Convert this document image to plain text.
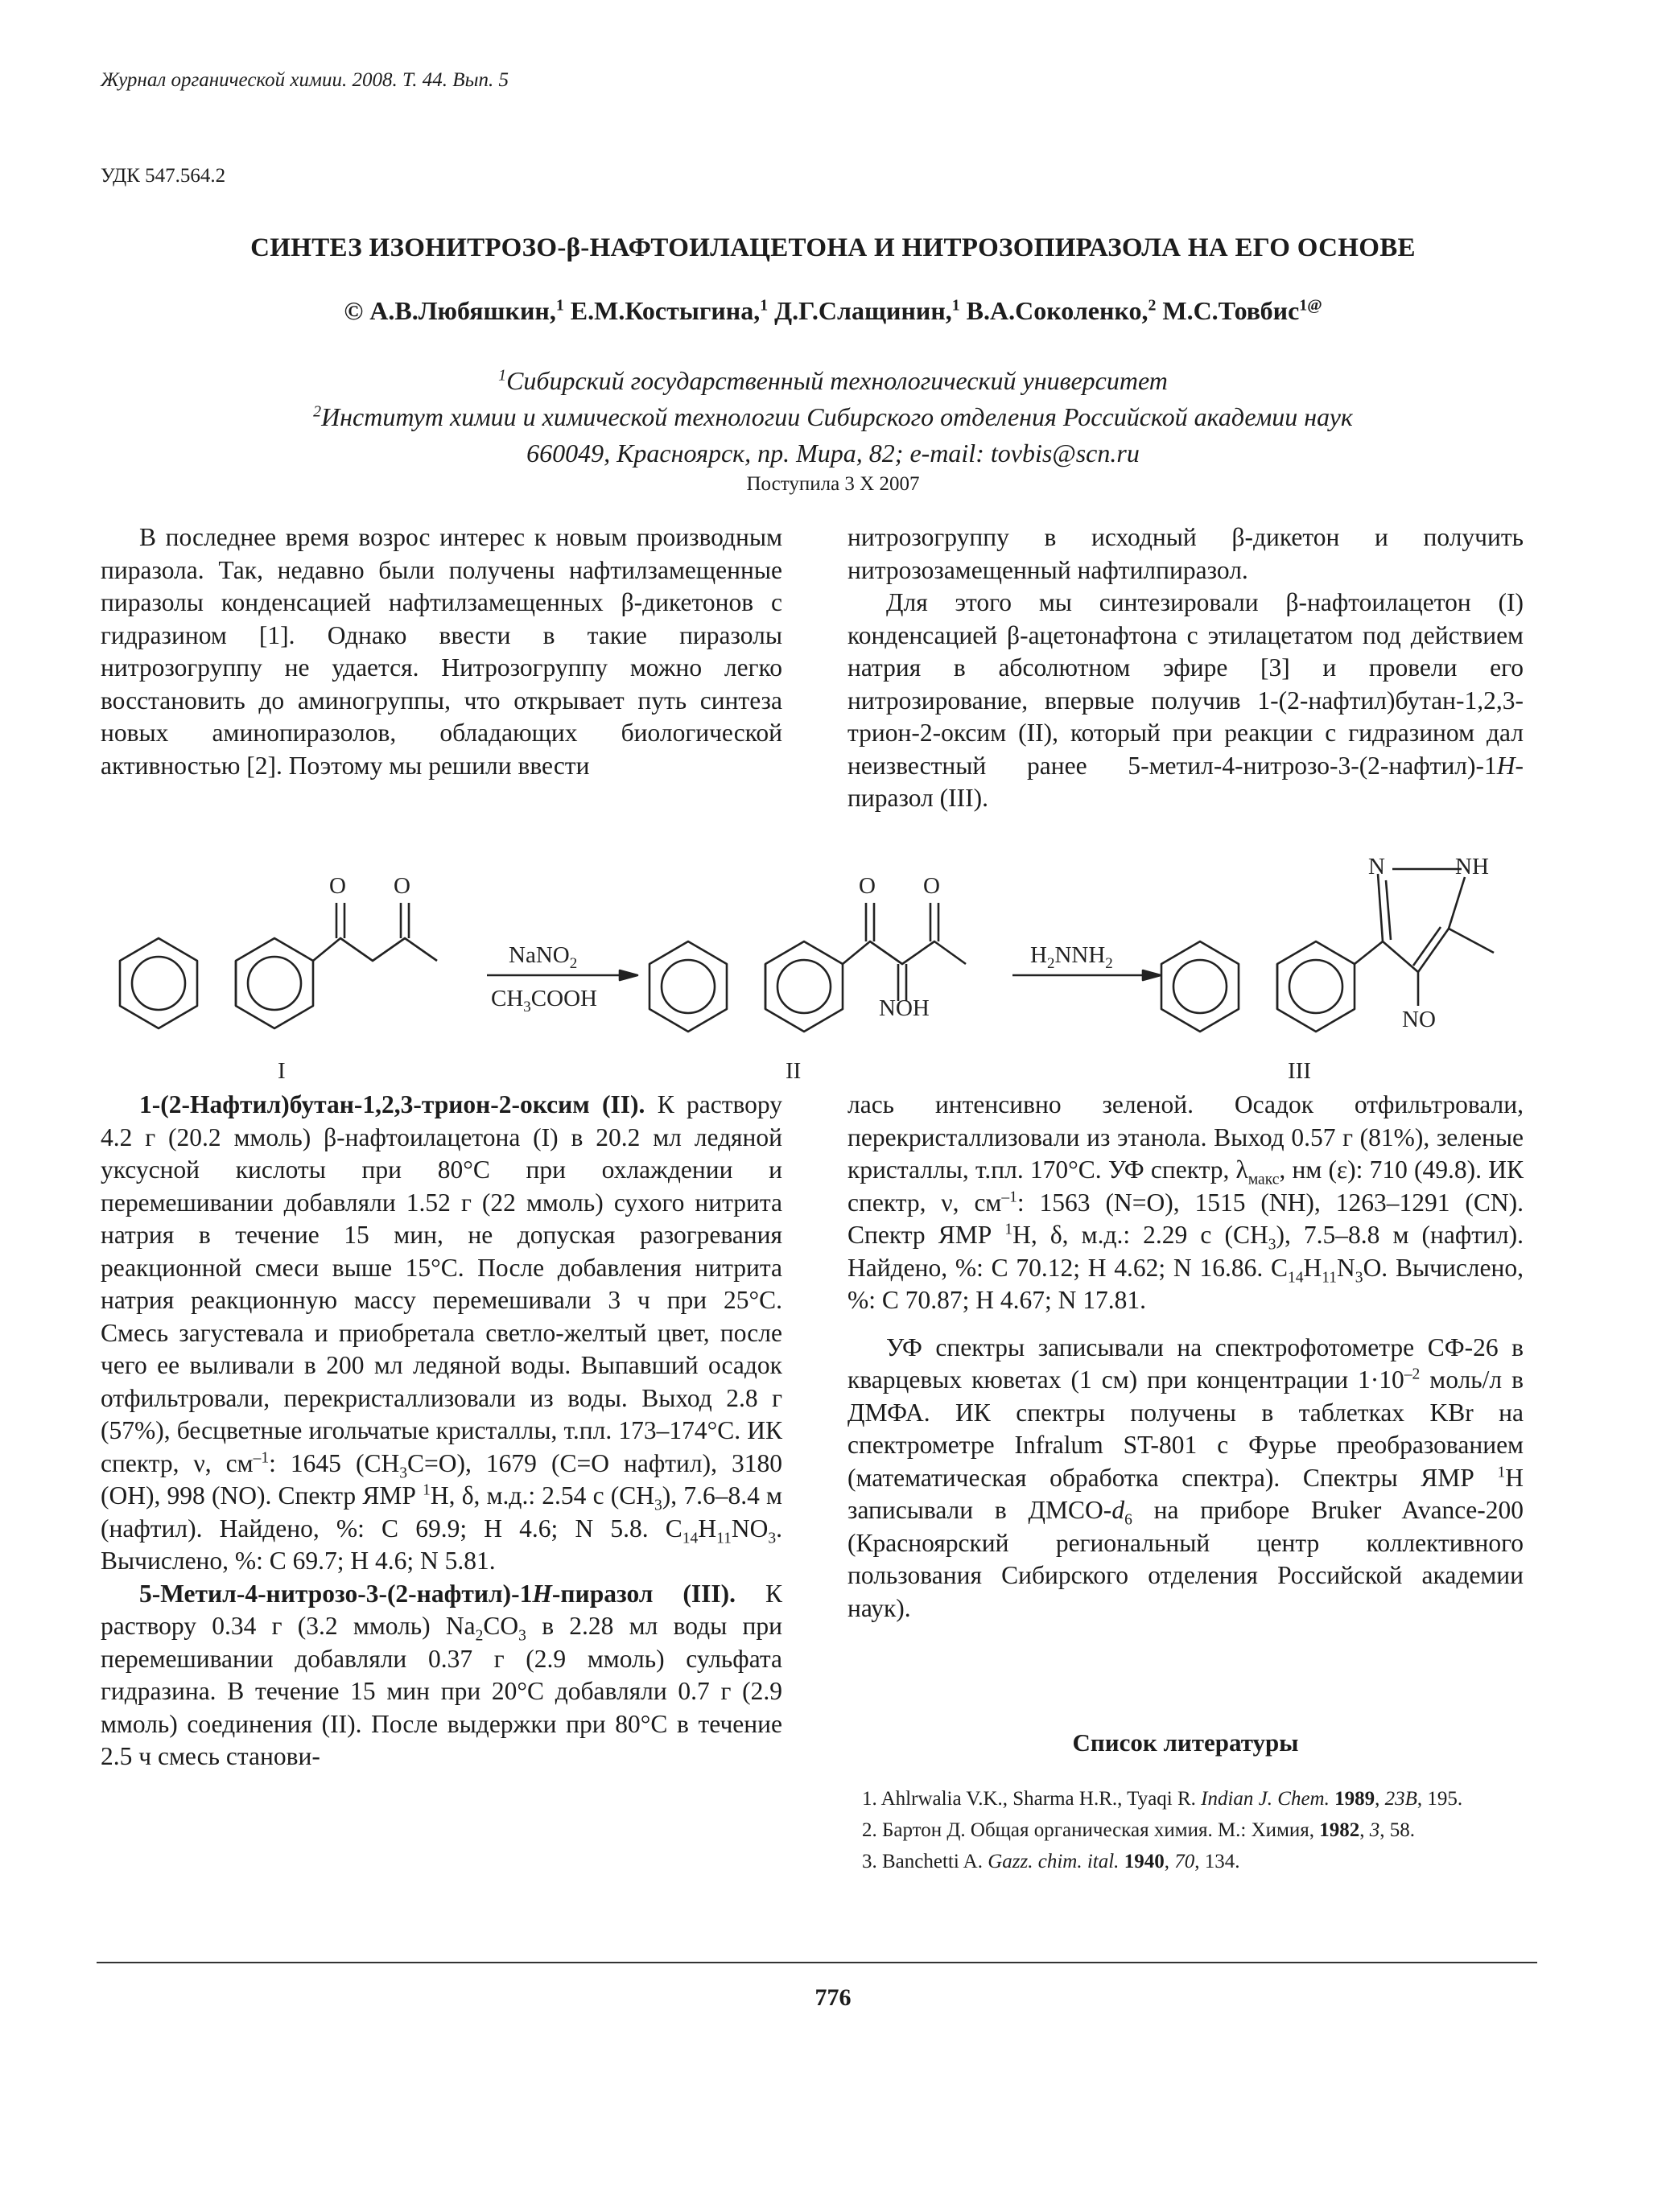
Журнал органической химии. 2008. Т. 44. Вып. 5
УДК 547.564.2
СИНТЕЗ ИЗОНИТРОЗО-β-НАФТОИЛАЦЕТОНА И НИТРОЗОПИРАЗОЛА НА ЕГО ОСНОВЕ
© А.В.Любяшкин,$^1$ Е.М.Костыгина,$^1$ Д.Г.Слащинин,$^1$ В.А.Соколенко,$^2$ М.С.Товбис$^{1@}$
$^1$Сибирский государственный технологический университет
$^2$Институт химии и химической технологии Сибирского отделения Российской академии наук
660049, Красноярск, пр. Мира, 82; e-mail: tovbis@scn.ru
Поступила 3 X 2007

В последнее время возрос интерес к новым производным пиразола. Так, недавно были получены нафтилзамещенные пиразолы конденсацией нафтилзамещенных β-дикетонов с гидразином [1]. Однако ввести в такие пиразолы нитрозогруппу не удается. Нитрозогруппу можно легко восстановить до аминогруппы, что открывает путь синтеза новых аминопиразолов, обладающих биологической активностью [2]. Поэтому мы решили ввести

нитрозогруппу в исходный β-дикетон и получить нитрозозамещенный нафтилпиразол.

Для этого мы синтезировали β-нафтоилацетон (I) конденсацией β-ацетонафтона с этилацетатом под действием натрия в абсолютном эфире [3] и провели его нитрозирование, впервые получив 1-(2-нафтил)бутан-1,2,3-трион-2-оксим (II), который при реакции с гидразином дал неизвестный ранее 5-метил-4-нитрозо-3-(2-нафтил)-1H-пиразол (III).

O O	O O
NaNO$_2$
$CH_3COOH$
$H_2NNH_2$
NOH
N	NH
NO
I	II	III

1-(2-Нафтил)бутан-1,2,3-трион-2-оксим (II). К раствору 4.2 г (20.2 ммоль) β-нафтоилацетона (I) в 20.2 мл ледяной уксусной кислоты при 80°С при охлаждении и перемешивании добавляли 1.52 г (22 ммоль) сухого нитрита натрия в течение 15 мин, не допуская разогревания реакционной смеси выше 15°С. После добавления нитрита натрия реакционную массу перемешивали 3 ч при 25°С. Смесь загустевала и приобретала светло-желтый цвет, после чего ее выливали в 200 мл ледяной воды. Выпавший осадок отфильтровали, перекристаллизовали из воды. Выход 2.8 г (57%), бесцветные игольчатые кристаллы, т.пл. 173–174°С. ИК спектр, ν, $см^{-1}$: 1645 $(CH_3C=O)$, 1679 (C=O нафтил), 3180 (OH), 998 (NO). Спектр ЯМР $^1$H, δ, м.д.: 2.54 с $(CH_3)$, 7.6–8.4 м (нафтил). Найдено, %: С 69.9; Н 4.6; N 5.8. $C_{14}H_{11}NO_3$. Вычислено, %: С 69.7; Н 4.6; N 5.81.

5-Метил-4-нитрозо-3-(2-нафтил)-1H-пиразол (III). К раствору 0.34 г (3.2 ммоль) $Na_2CO_3$ в 2.28 мл воды при перемешивании добавляли 0.37 г (2.9 ммоль) сульфата гидразина. В течение 15 мин при 20°С добавляли 0.7 г (2.9 ммоль) соединения (II). После выдержки при 80°С в течение 2.5 ч смесь станови-

лась интенсивно зеленой. Осадок отфильтровали, перекристаллизовали из этанола. Выход 0.57 г (81%), зеленые кристаллы, т.пл. 170°С. УФ спектр, $\lambda_{макс}$, нм (ε): 710 (49.8). ИК спектр, ν, $см^{-1}$: 1563 (N=O), 1515 (NH), 1263–1291 (CN). Спектр ЯМР $^1$H, δ, м.д.: 2.29 с $(CH_3)$, 7.5–8.8 м (нафтил). Найдено, %: С 70.12; Н 4.62; N 16.86. $C_{14}H_{11}N_3O$. Вычислено, %: С 70.87; Н 4.67; N 17.81.

УФ спектры записывали на спектрофотометре СФ-26 в кварцевых кюветах (1 см) при концентрации $1\cdot 10^{-2}$ моль/л в ДМФА. ИК спектры получены в таблетках KBr на спектрометре Infralum ST-801 с Фурье преобразованием (математическая обработка спектра). Спектры ЯМР $^1$H записывали в ДМСО-$d_6$ на приборе Bruker Avance-200 (Красноярский региональный центр коллективного пользования Сибирского отделения Российской академии наук).

Список литературы

1. Ahlrwalia V.K., Sharma H.R., Tyaqi R. Indian J. Chem. 1989, 23B, 195.

2. Бартон Д. Общая органическая химия. М.: Химия, 1982, 3, 58.

3. Banchetti A. Gazz. chim. ital. 1940, 70, 134.

776
